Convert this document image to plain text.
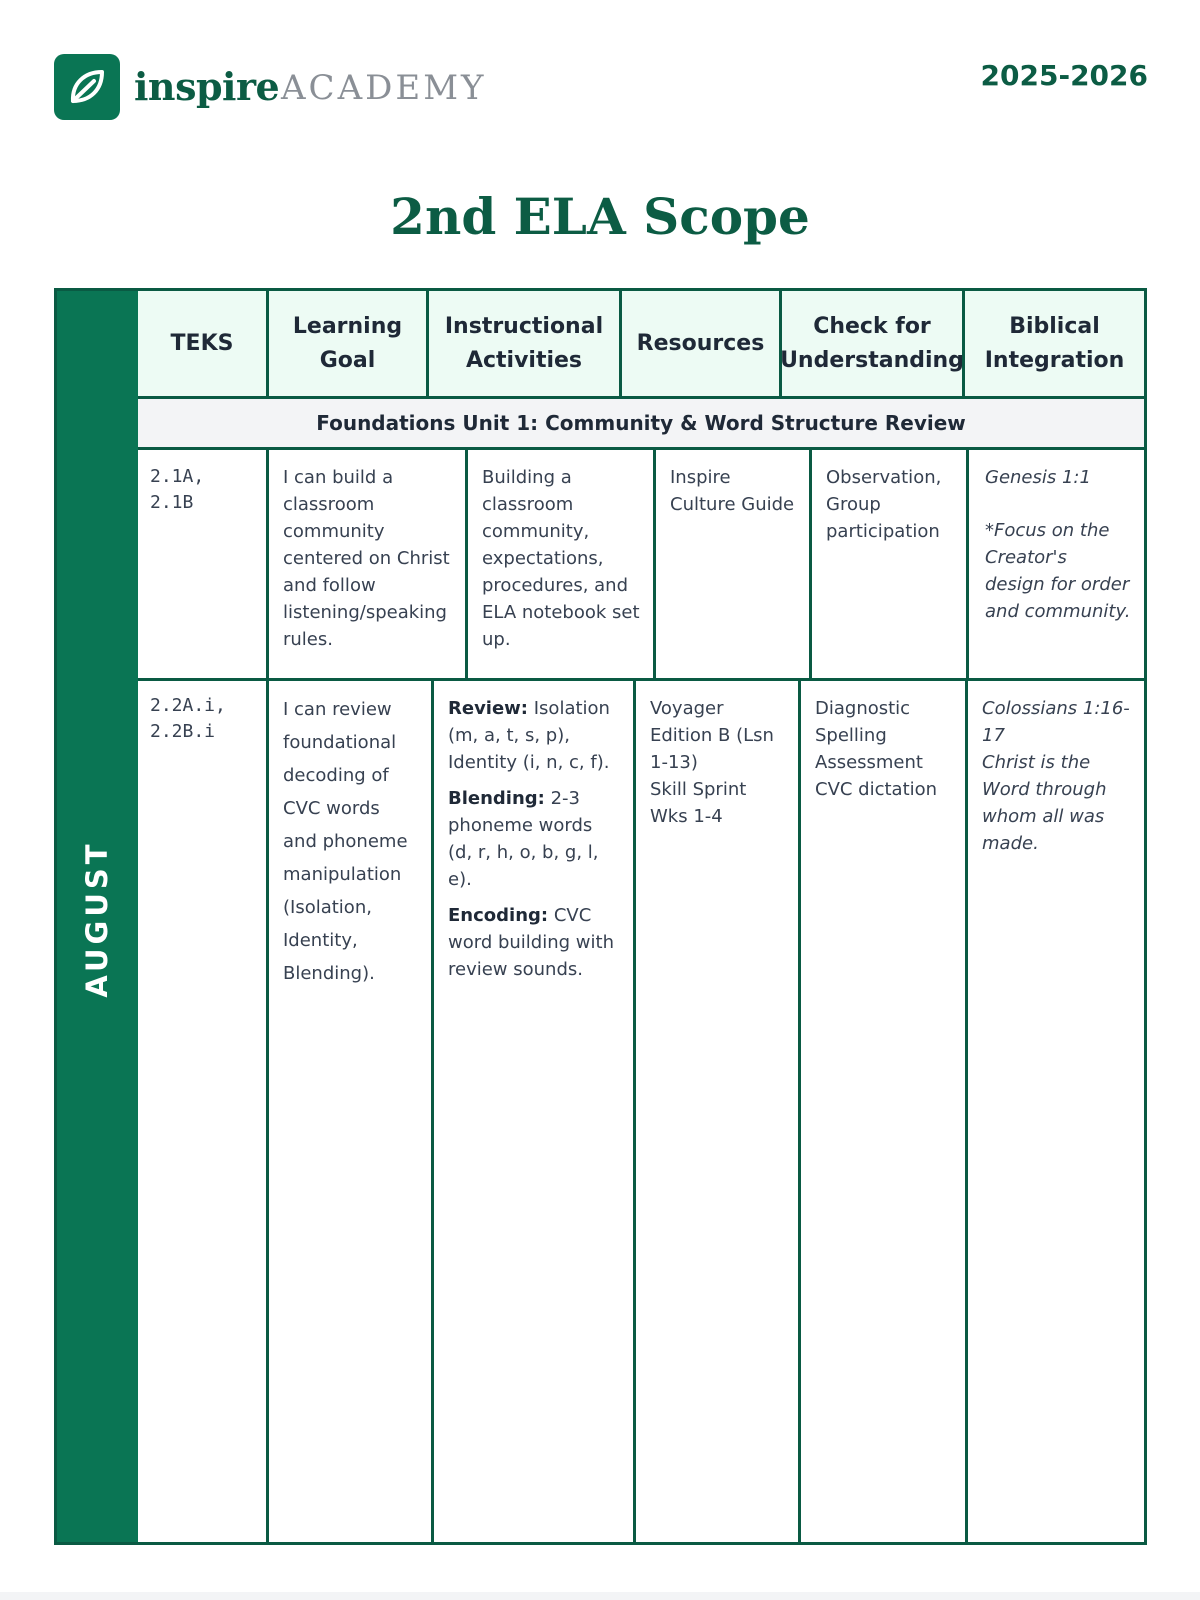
inspire ACADEMY	2025-2026
2nd ELA Scope
AUGUST
TEKS
Learning
Goal
Instructional
Activities
Resources
Check for
Understanding
Biblical
Integration
Foundations Unit 1: Community & Word Structure Review
2.1A,
2.1B
I can build a classroom community centered on Christ and follow listening/speaking rules.
Building a classroom community, expectations, procedures, and ELA notebook set up.
Inspire Culture Guide
Observation, Group participation
Genesis 1:1
*Focus on the Creator's design for order and community.
2.2A.i,
2.2B.i
I can review foundational decoding of CVC words and phoneme manipulation (Isolation, Identity, Blending).
Review: Isolation (m, a, t, s, p), Identity (i, n, c, f).
Blending: 2-3 phoneme words (d, r, h, o, b, g, l, e).
Encoding: CVC word building with review sounds.
Voyager Edition B (Lsn 1-13)
Skill Sprint Wks 1-4
Diagnostic Spelling Assessment
CVC dictation
Colossians 1:16-17
Christ is the Word through whom all was made.
